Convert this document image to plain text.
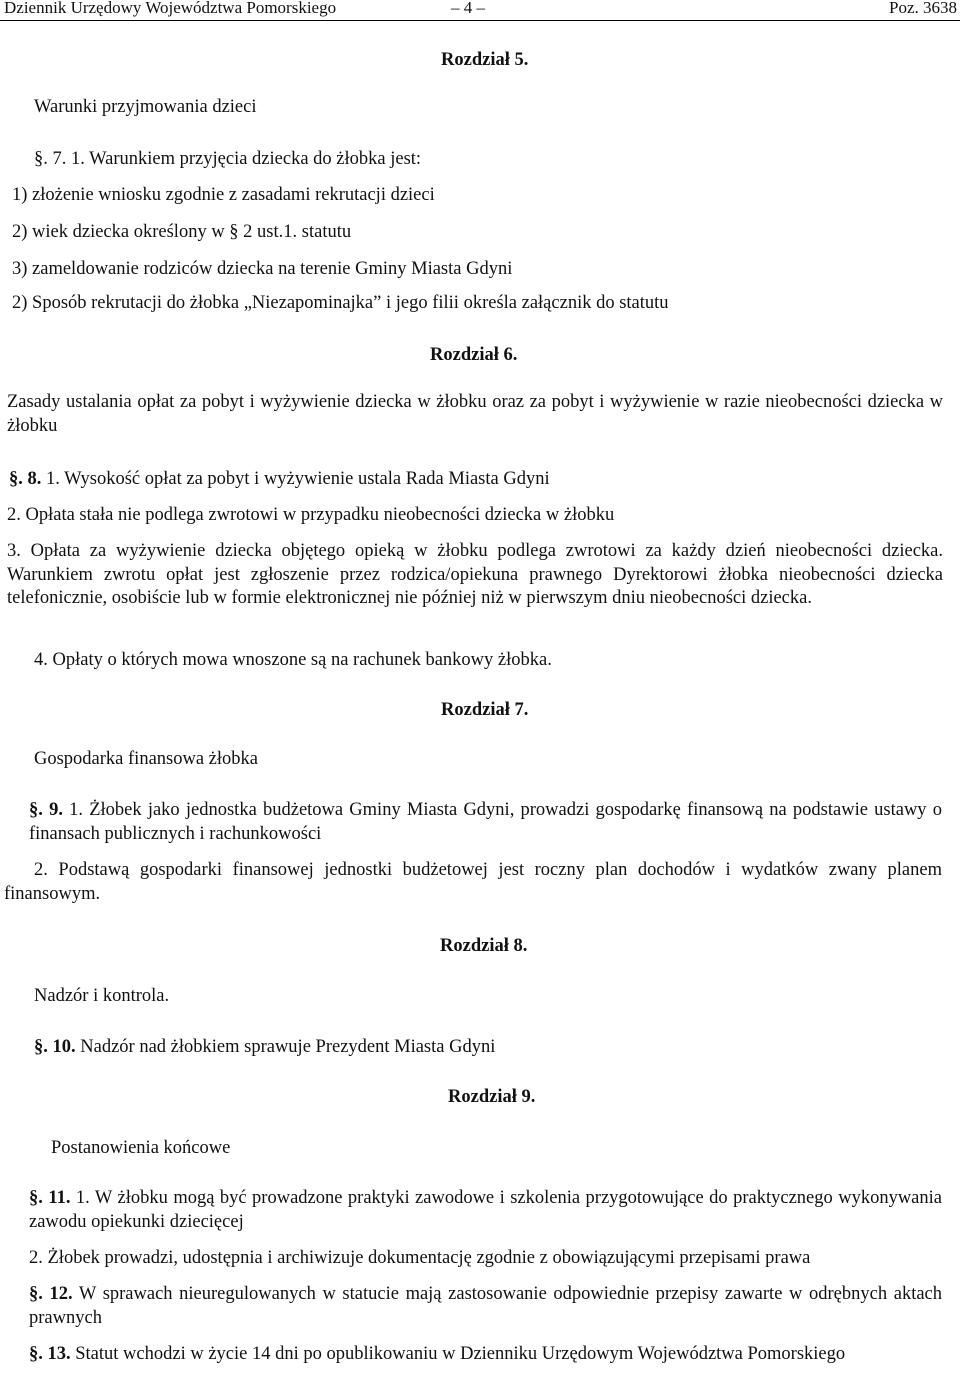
Dziennik Urzędowy Województwa Pomorskiego	– 4 –	Poz. 3638
Rozdział 5.
Warunki przyjmowania dzieci
§. 7. 1. Warunkiem przyjęcia dziecka do żłobka jest:
1) złożenie wniosku zgodnie z zasadami rekrutacji dzieci
2) wiek dziecka określony w § 2 ust.1. statutu
3) zameldowanie rodziców dziecka na terenie Gminy Miasta Gdyni
2) Sposób rekrutacji do żłobka „Niezapominajka” i jego filii określa załącznik do statutu
Rozdział 6.
Zasady ustalania opłat za pobyt i wyżywienie dziecka w żłobku oraz za pobyt i wyżywienie w razie nieobecności dziecka w żłobku
§. 8. 1. Wysokość opłat za pobyt i wyżywienie ustala Rada Miasta Gdyni
2. Opłata stała nie podlega zwrotowi w przypadku nieobecności dziecka w żłobku
3. Opłata za wyżywienie dziecka objętego opieką w żłobku podlega zwrotowi za każdy dzień nieobecności dziecka. Warunkiem zwrotu opłat jest zgłoszenie przez rodzica/opiekuna prawnego Dyrektorowi żłobka nieobecności dziecka telefonicznie, osobiście lub w formie elektronicznej nie później niż w pierwszym dniu nieobecności dziecka.
4. Opłaty o których mowa wnoszone są na rachunek bankowy żłobka.
Rozdział 7.
Gospodarka finansowa żłobka
§. 9. 1. Żłobek jako jednostka budżetowa Gminy Miasta Gdyni, prowadzi gospodarkę finansową na podstawie ustawy o finansach publicznych i rachunkowości
2. Podstawą gospodarki finansowej jednostki budżetowej jest roczny plan dochodów i wydatków zwany planem finansowym.
Rozdział 8.
Nadzór i kontrola.
§. 10. Nadzór nad żłobkiem sprawuje Prezydent Miasta Gdyni
Rozdział 9.
Postanowienia końcowe
§. 11. 1. W żłobku mogą być prowadzone praktyki zawodowe i szkolenia przygotowujące do praktycznego wykonywania zawodu opiekunki dziecięcej
2. Żłobek prowadzi, udostępnia i archiwizuje dokumentację zgodnie z obowiązującymi przepisami prawa
§. 12. W sprawach nieuregulowanych w statucie mają zastosowanie odpowiednie przepisy zawarte w odrębnych aktach prawnych
§. 13. Statut wchodzi w życie 14 dni po opublikowaniu w Dzienniku Urzędowym Województwa Pomorskiego
